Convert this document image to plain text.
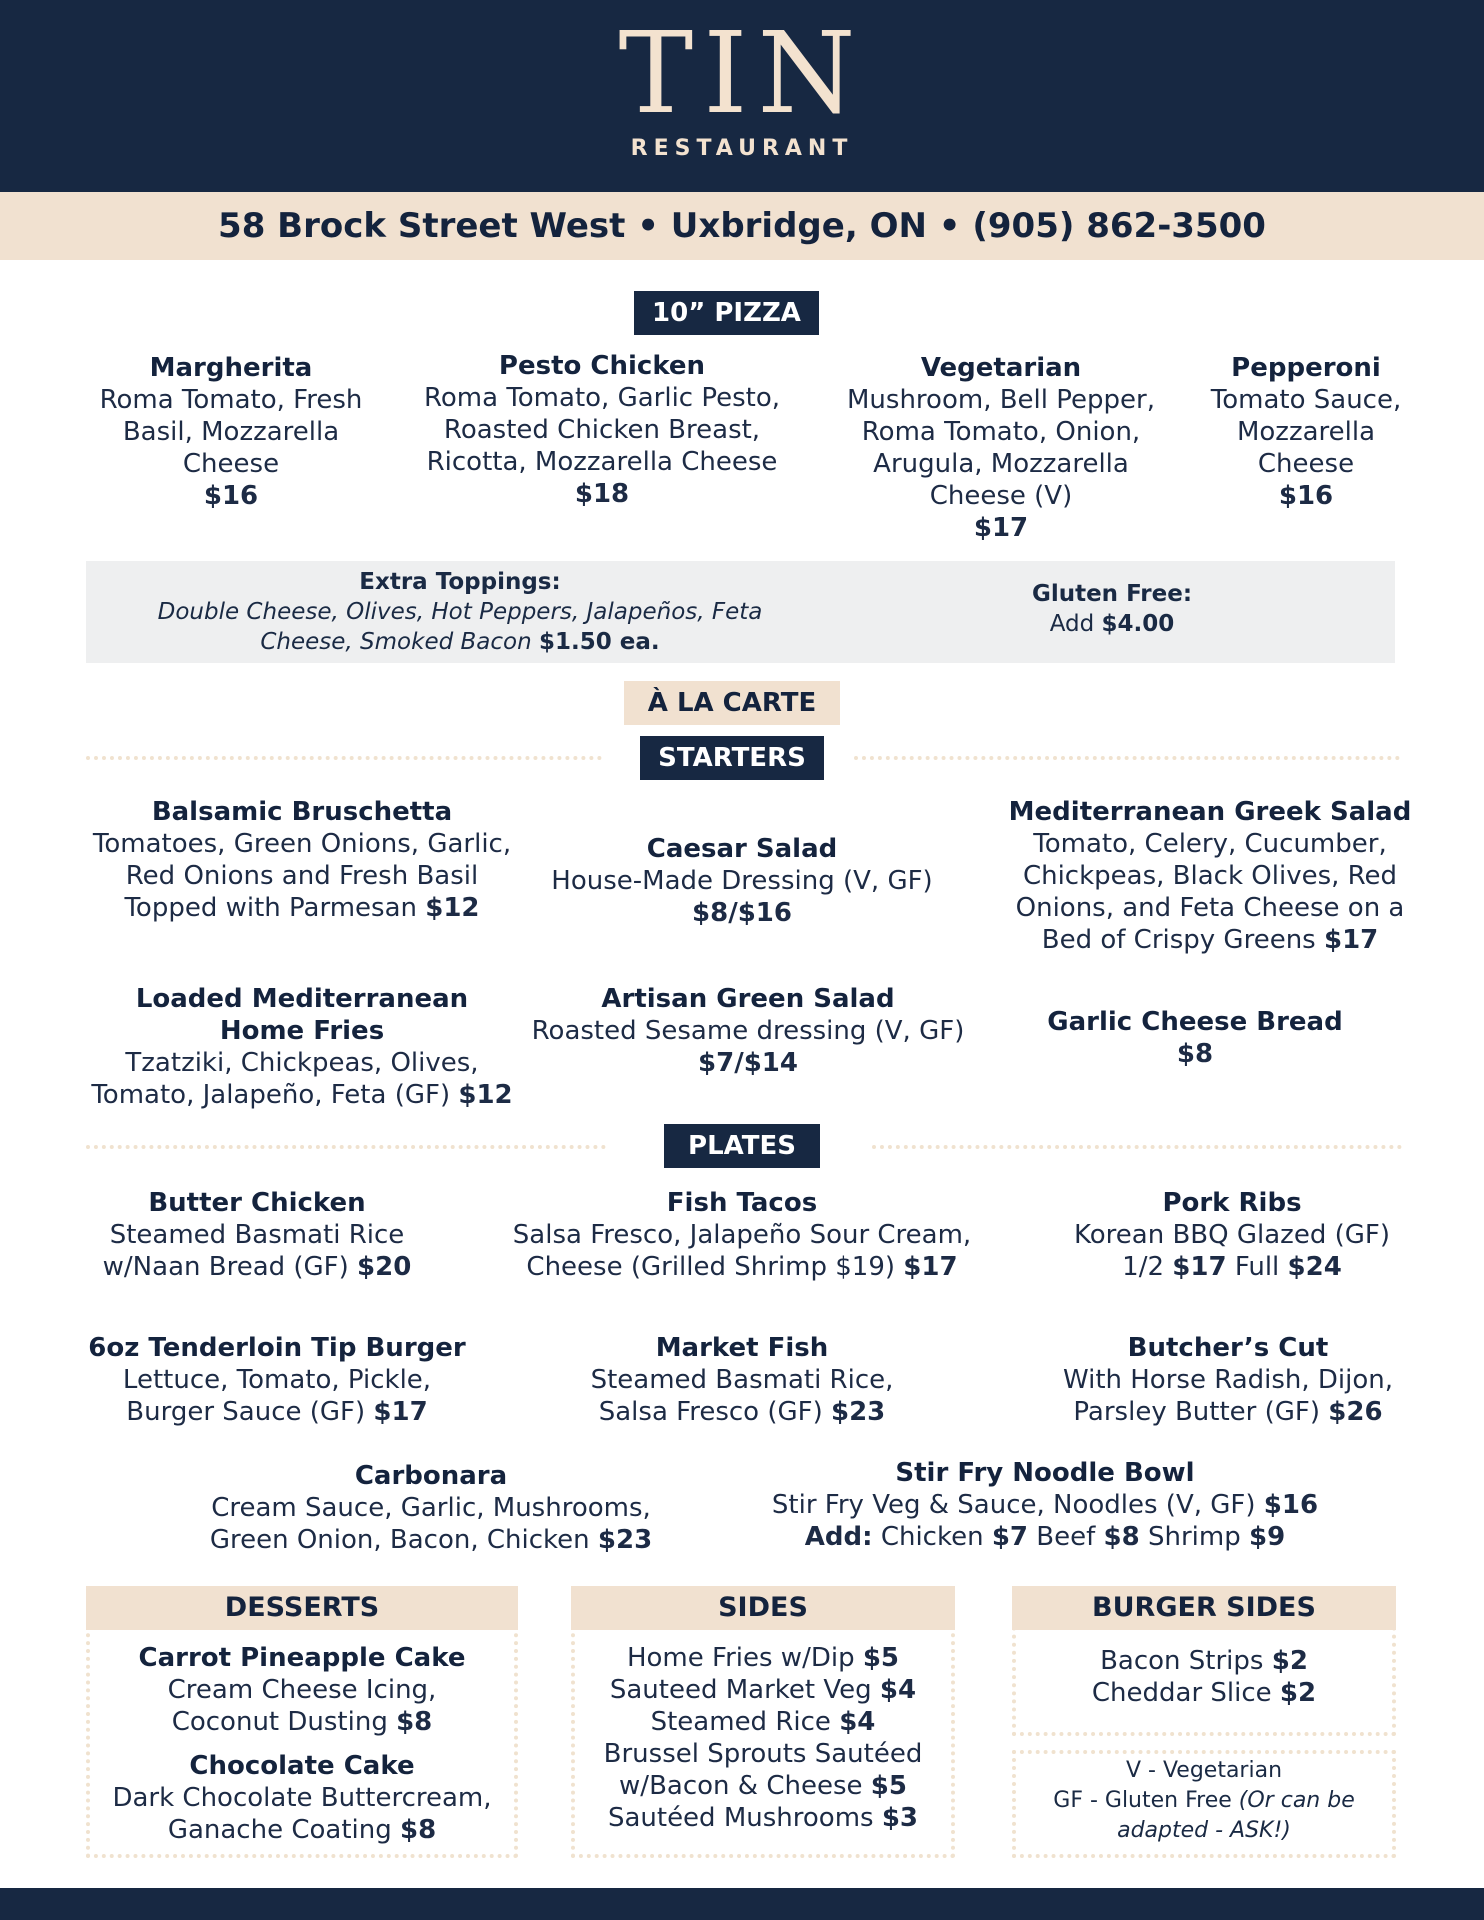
TIN
RESTAURANT
58 Brock Street West • Uxbridge, ON • (905) 862-3500
10” PIZZA
Margherita
Roma Tomato, Fresh Basil, Mozzarella Cheese
$16
Pesto Chicken
Roma Tomato, Garlic Pesto, Roasted Chicken Breast, Ricotta, Mozzarella Cheese
$18
Vegetarian
Mushroom, Bell Pepper, Roma Tomato, Onion, Arugula, Mozzarella Cheese (V)
$17
Pepperoni
Tomato Sauce, Mozzarella Cheese
$16
Extra Toppings:
Double Cheese, Olives, Hot Peppers, Jalapeños, Feta Cheese, Smoked Bacon $1.50 ea.
Gluten Free:
Add $4.00
À LA CARTE
STARTERS
Balsamic Bruschetta
Tomatoes, Green Onions, Garlic, Red Onions and Fresh Basil Topped with Parmesan $12
Caesar Salad
House-Made Dressing (V, GF)
$8/$16
Mediterranean Greek Salad
Tomato, Celery, Cucumber, Chickpeas, Black Olives, Red Onions, and Feta Cheese on a Bed of Crispy Greens $17
Loaded Mediterranean Home Fries
Tzatziki, Chickpeas, Olives, Tomato, Jalapeño, Feta (GF) $12
Artisan Green Salad
Roasted Sesame dressing (V, GF)
$7/$14
Garlic Cheese Bread
$8
PLATES
Butter Chicken
Steamed Basmati Rice w/Naan Bread (GF) $20
Fish Tacos
Salsa Fresco, Jalapeño Sour Cream, Cheese (Grilled Shrimp $19) $17
Pork Ribs
Korean BBQ Glazed (GF)
1/2 $17 Full $24
6oz Tenderloin Tip Burger
Lettuce, Tomato, Pickle, Burger Sauce (GF) $17
Market Fish
Steamed Basmati Rice, Salsa Fresco (GF) $23
Butcher’s Cut
With Horse Radish, Dijon, Parsley Butter (GF) $26
Carbonara
Cream Sauce, Garlic, Mushrooms, Green Onion, Bacon, Chicken $23
Stir Fry Noodle Bowl
Stir Fry Veg & Sauce, Noodles (V, GF) $16
Add: Chicken $7 Beef $8 Shrimp $9
DESSERTS
Carrot Pineapple Cake
Cream Cheese Icing, Coconut Dusting $8
Chocolate Cake
Dark Chocolate Buttercream, Ganache Coating $8
SIDES
Home Fries w/Dip $5
Sauteed Market Veg $4
Steamed Rice $4
Brussel Sprouts Sautéed w/Bacon & Cheese $5
Sautéed Mushrooms $3
BURGER SIDES
Bacon Strips $2
Cheddar Slice $2
V - Vegetarian
GF - Gluten Free (Or can be adapted - ASK!)
